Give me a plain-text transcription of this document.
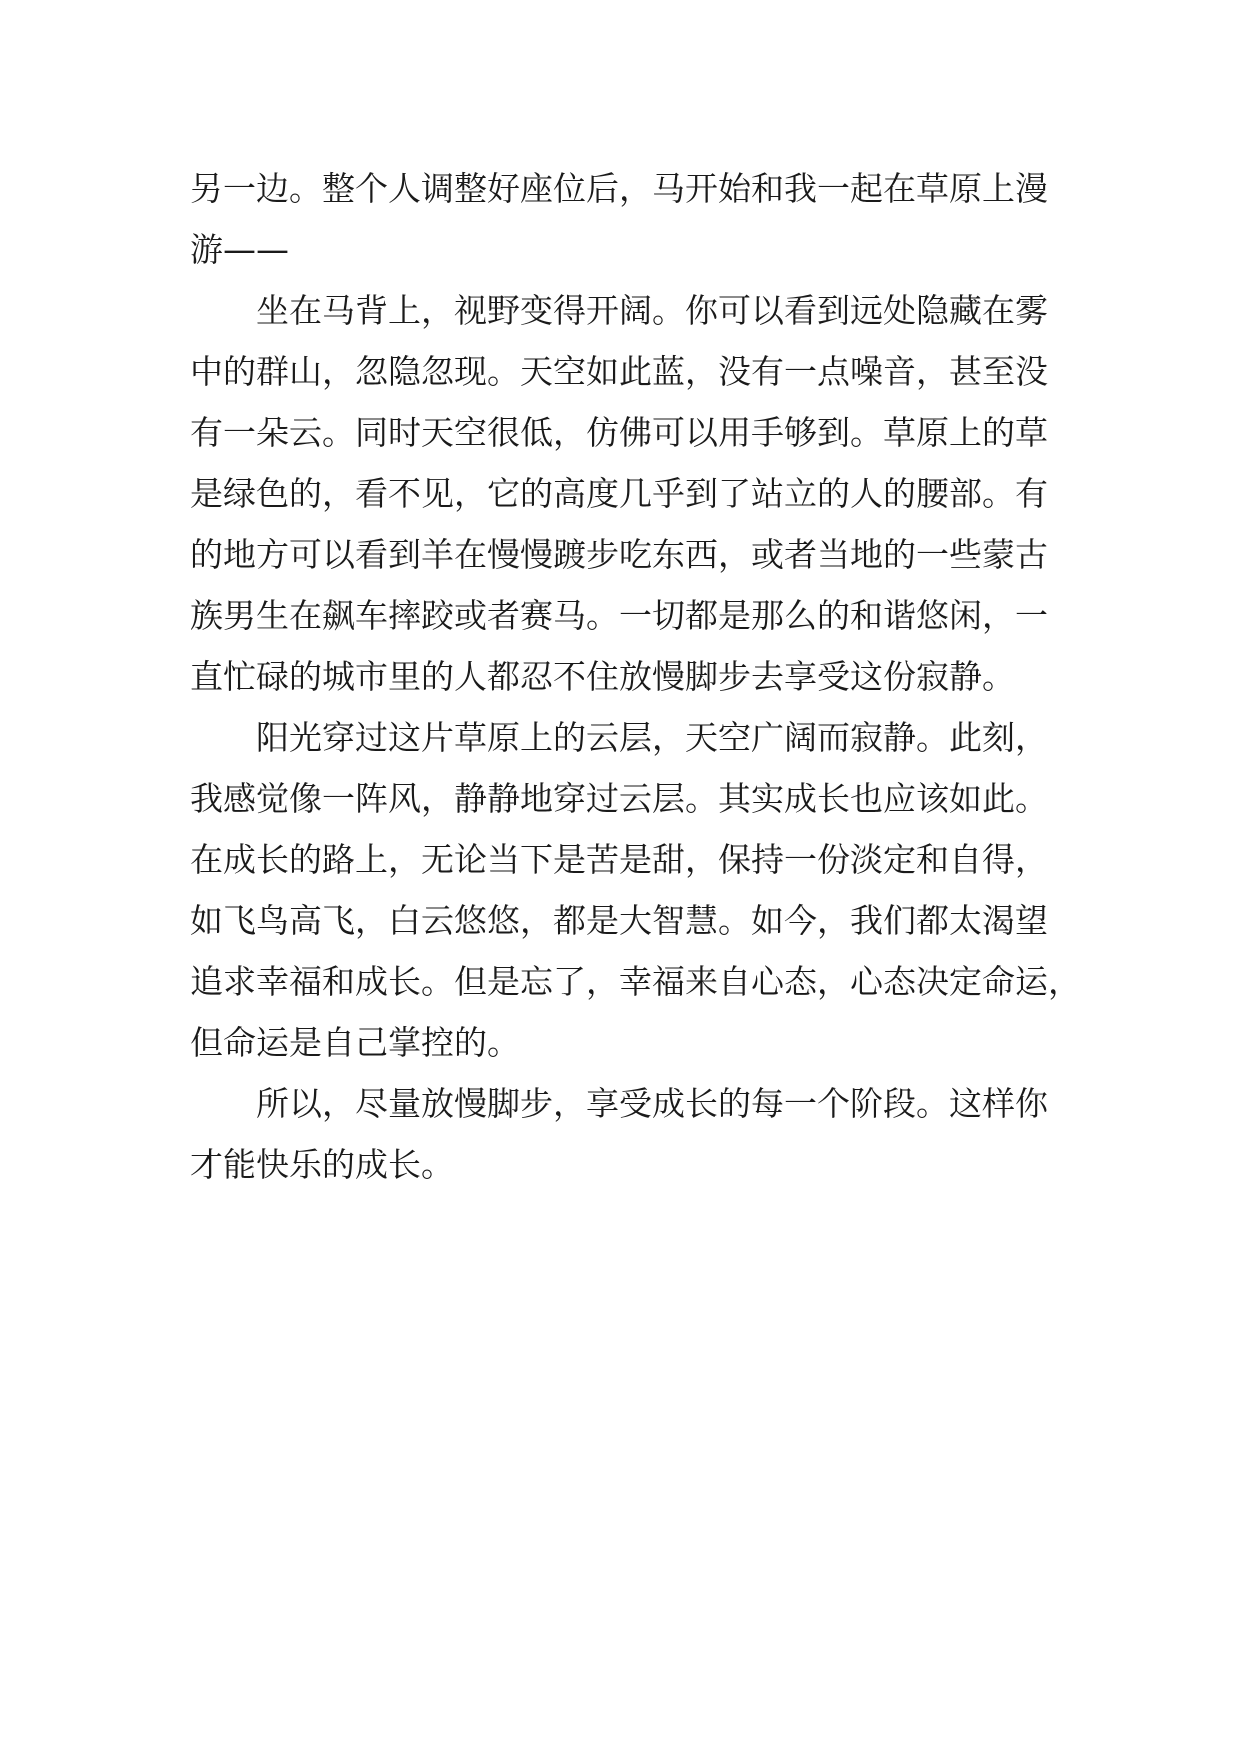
另一边。整个人调整好座位后，马开始和我一起在草原上漫
游——
坐在马背上，视野变得开阔。你可以看到远处隐藏在雾
中的群山，忽隐忽现。天空如此蓝，没有一点噪音，甚至没
有一朵云。同时天空很低，仿佛可以用手够到。草原上的草
是绿色的，看不见，它的高度几乎到了站立的人的腰部。有
的地方可以看到羊在慢慢踱步吃东西，或者当地的一些蒙古
族男生在飙车摔跤或者赛马。一切都是那么的和谐悠闲，一
直忙碌的城市里的人都忍不住放慢脚步去享受这份寂静。
阳光穿过这片草原上的云层，天空广阔而寂静。此刻，
我感觉像一阵风，静静地穿过云层。其实成长也应该如此。
在成长的路上，无论当下是苦是甜，保持一份淡定和自得，
如飞鸟高飞，白云悠悠，都是大智慧。如今，我们都太渴望
追求幸福和成长。但是忘了，幸福来自心态，心态决定命运，
但命运是自己掌控的。
所以，尽量放慢脚步，享受成长的每一个阶段。这样你
才能快乐的成长。
